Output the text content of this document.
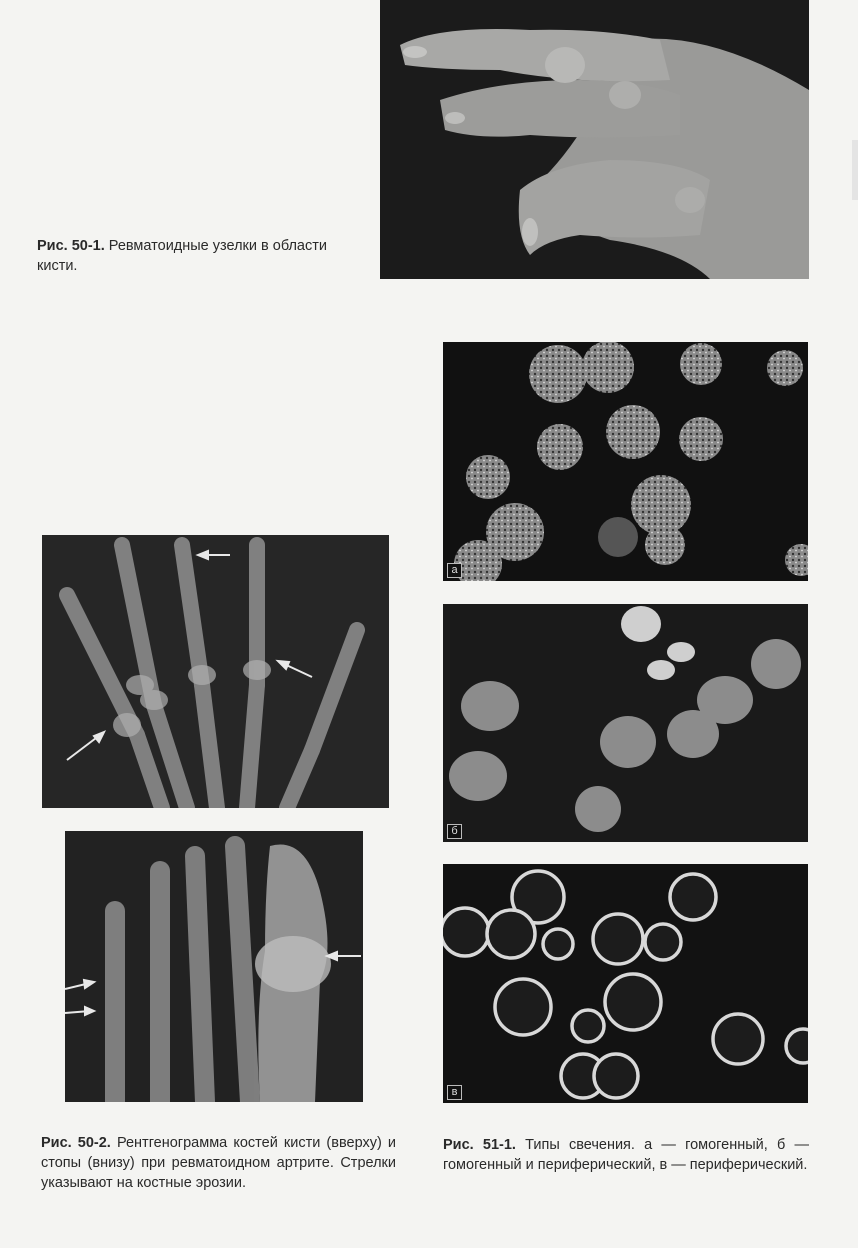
Рис. 50-1. Ревматоидные узелки в области кисти.
а
б
в
Рис. 50-2. Рентгенограмма костей кисти (вверху) и стопы (внизу) при ревматоидном артрите. Стрелки указывают на костные эрозии.
Рис. 51-1. Типы свечения. а — гомогенный, б — гомогенный и периферический, в — периферический.
